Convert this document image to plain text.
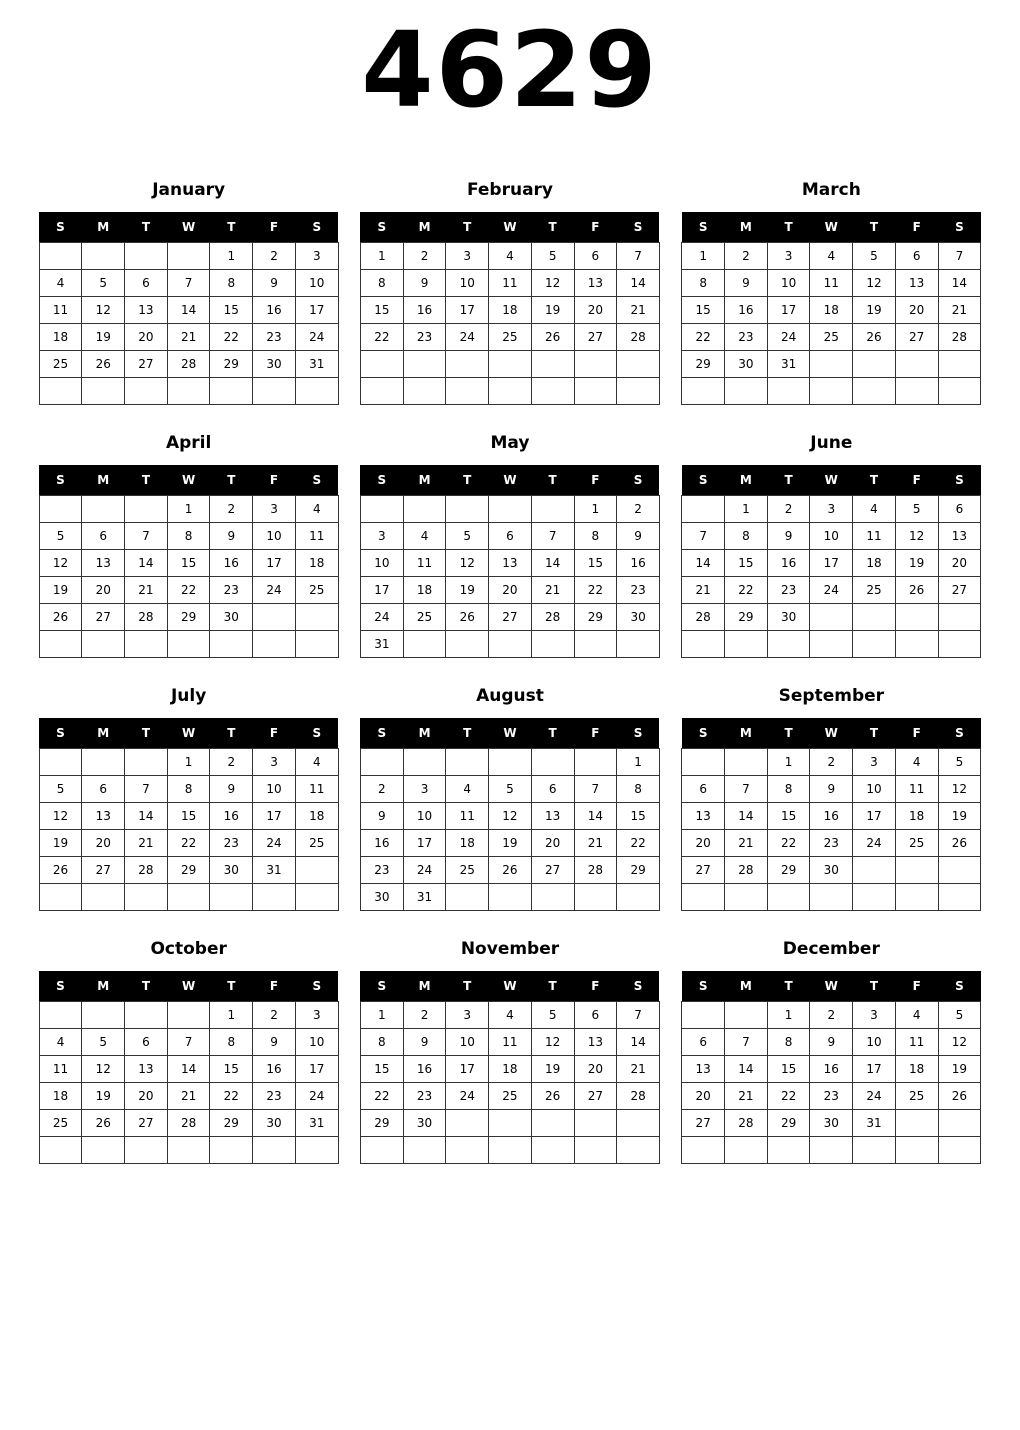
4629
January
S	M	T	W	T	F	S
				1	2	3
4	5	6	7	8	9	10
11	12	13	14	15	16	17
18	19	20	21	22	23	24
25	26	27	28	29	30	31

February
S	M	T	W	T	F	S
1	2	3	4	5	6	7
8	9	10	11	12	13	14
15	16	17	18	19	20	21
22	23	24	25	26	27	28

March
S	M	T	W	T	F	S
1	2	3	4	5	6	7
8	9	10	11	12	13	14
15	16	17	18	19	20	21
22	23	24	25	26	27	28
29	30	31				

April
S	M	T	W	T	F	S
			1	2	3	4
5	6	7	8	9	10	11
12	13	14	15	16	17	18
19	20	21	22	23	24	25
26	27	28	29	30		

May
S	M	T	W	T	F	S
					1	2
3	4	5	6	7	8	9
10	11	12	13	14	15	16
17	18	19	20	21	22	23
24	25	26	27	28	29	30
31						
June
S	M	T	W	T	F	S
	1	2	3	4	5	6
7	8	9	10	11	12	13
14	15	16	17	18	19	20
21	22	23	24	25	26	27
28	29	30				

July
S	M	T	W	T	F	S
			1	2	3	4
5	6	7	8	9	10	11
12	13	14	15	16	17	18
19	20	21	22	23	24	25
26	27	28	29	30	31	

August
S	M	T	W	T	F	S
						1
2	3	4	5	6	7	8
9	10	11	12	13	14	15
16	17	18	19	20	21	22
23	24	25	26	27	28	29
30	31					
September
S	M	T	W	T	F	S
		1	2	3	4	5
6	7	8	9	10	11	12
13	14	15	16	17	18	19
20	21	22	23	24	25	26
27	28	29	30			

October
S	M	T	W	T	F	S
				1	2	3
4	5	6	7	8	9	10
11	12	13	14	15	16	17
18	19	20	21	22	23	24
25	26	27	28	29	30	31

November
S	M	T	W	T	F	S
1	2	3	4	5	6	7
8	9	10	11	12	13	14
15	16	17	18	19	20	21
22	23	24	25	26	27	28
29	30					

December
S	M	T	W	T	F	S
		1	2	3	4	5
6	7	8	9	10	11	12
13	14	15	16	17	18	19
20	21	22	23	24	25	26
27	28	29	30	31		
